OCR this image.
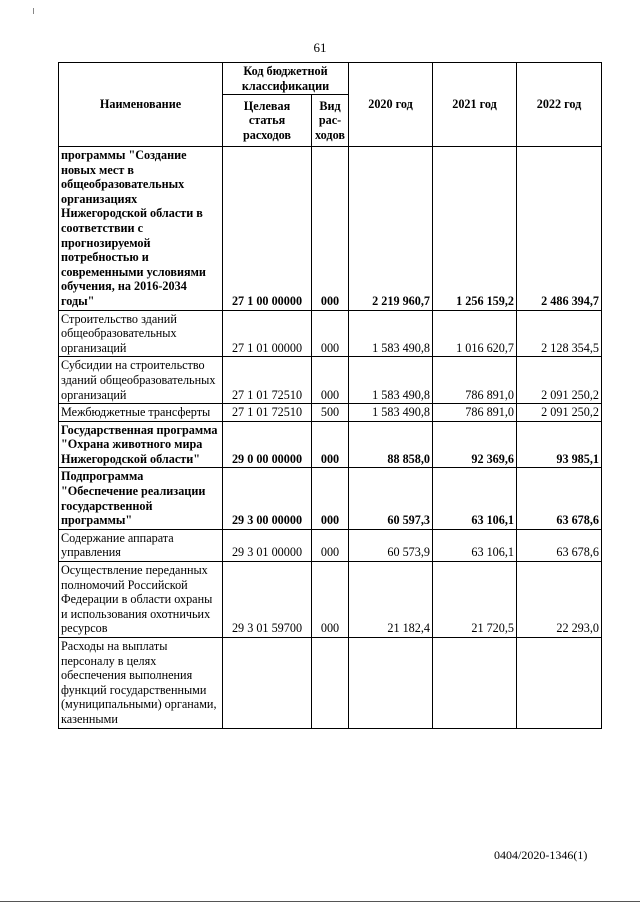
61
Наименование	Код бюджетной классификации		2020 год	2021 год	2022 год
	Целевая статья расходов	Вид рас-ходов			
программы "Создание новых мест в общеобразовательных организациях Нижегородской области в соответствии с прогнозируемой потребностью и современными условиями обучения, на 2016-2034 годы"	27 1 00 00000	000	2 219 960,7	1 256 159,2	2 486 394,7
Строительство зданий общеобразовательных организаций	27 1 01 00000	000	1 583 490,8	1 016 620,7	2 128 354,5
Субсидии на строительство зданий общеобразовательных организаций	27 1 01 72510	000	1 583 490,8	786 891,0	2 091 250,2
Межбюджетные трансферты	27 1 01 72510	500	1 583 490,8	786 891,0	2 091 250,2
Государственная программа "Охрана животного мира Нижегородской области"	29 0 00 00000	000	88 858,0	92 369,6	93 985,1
Подпрограмма "Обеспечение реализации государственной программы"	29 3 00 00000	000	60 597,3	63 106,1	63 678,6
Содержание аппарата управления	29 3 01 00000	000	60 573,9	63 106,1	63 678,6
Осуществление переданных полномочий Российской Федерации в области охраны и использования охотничьих ресурсов	29 3 01 59700	000	21 182,4	21 720,5	22 293,0
Расходы на выплаты персоналу в целях обеспечения выполнения функций государственными (муниципальными) органами, казенными					
0404/2020-1346(1)
